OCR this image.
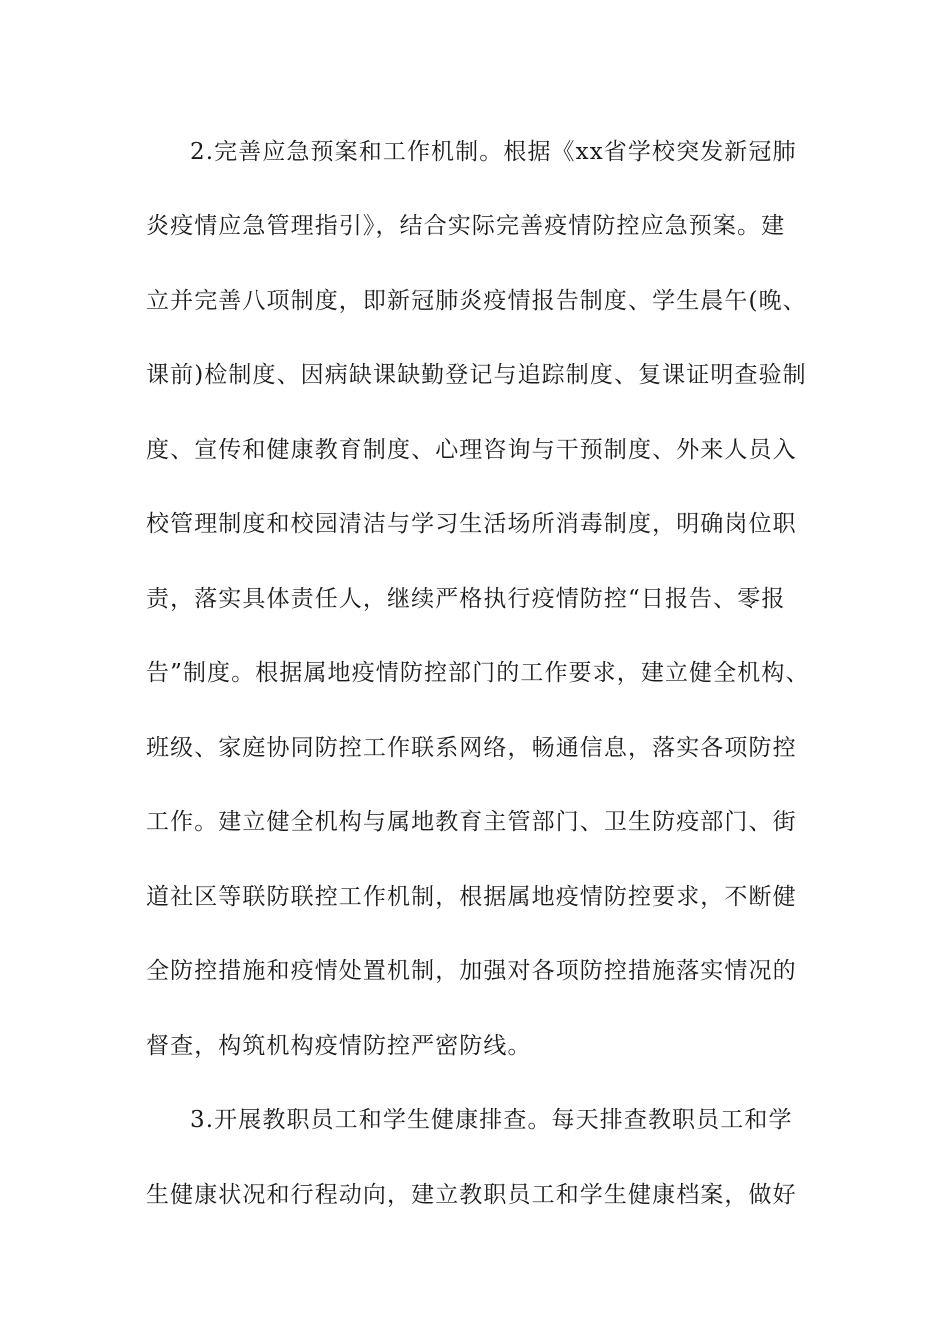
2.完善应急预案和工作机制。根据《xx省学校突发新冠肺
炎疫情应急管理指引》，结合实际完善疫情防控应急预案。建
立并完善八项制度，即新冠肺炎疫情报告制度、学生晨午(晚、
课前)检制度、因病缺课缺勤登记与追踪制度、复课证明查验制
度、宣传和健康教育制度、心理咨询与干预制度、外来人员入
校管理制度和校园清洁与学习生活场所消毒制度，明确岗位职
责，落实具体责任人，继续严格执行疫情防控“日报告、零报
告”制度。根据属地疫情防控部门的工作要求，建立健全机构、
班级、家庭协同防控工作联系网络，畅通信息，落实各项防控
工作。建立健全机构与属地教育主管部门、卫生防疫部门、街
道社区等联防联控工作机制，根据属地疫情防控要求，不断健
全防控措施和疫情处置机制，加强对各项防控措施落实情况的
督查，构筑机构疫情防控严密防线。
3.开展教职员工和学生健康排查。每天排查教职员工和学
生健康状况和行程动向，建立教职员工和学生健康档案，做好
